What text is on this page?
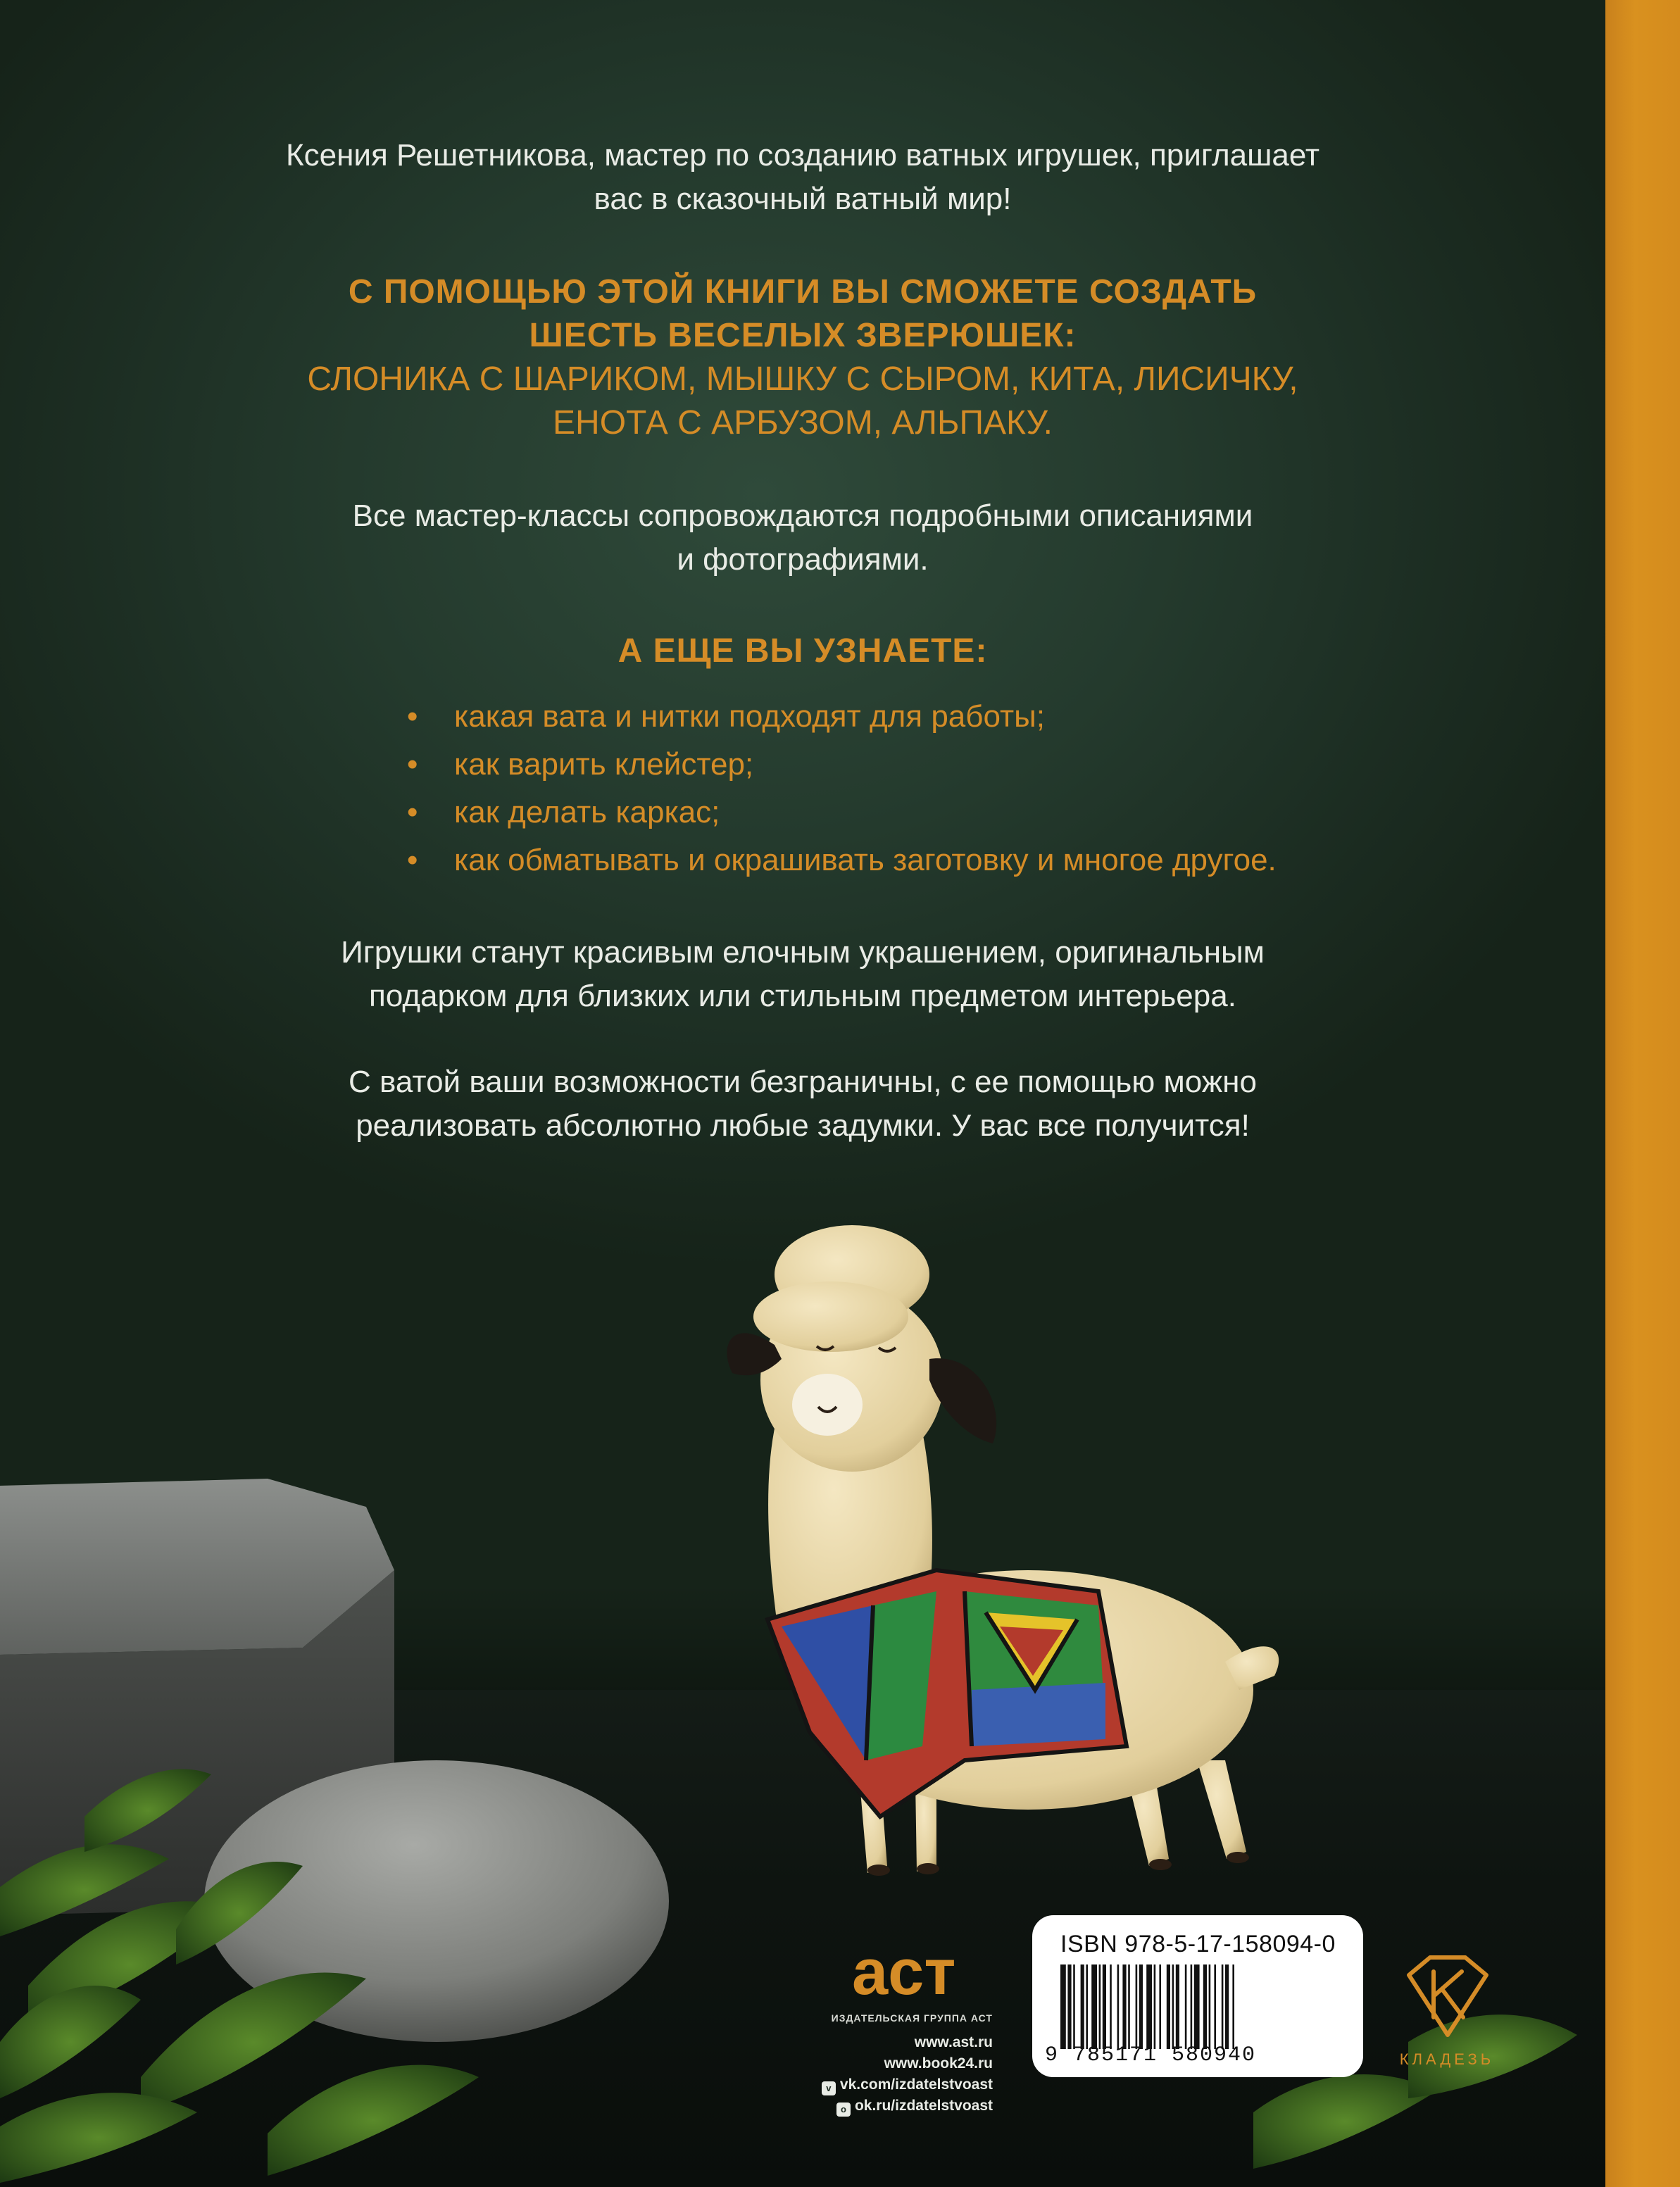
Ксения Решетникова, мастер по созданию ватных игрушек, приглашает
вас в сказочный ватный мир!
С ПОМОЩЬЮ ЭТОЙ КНИГИ ВЫ СМОЖЕТЕ СОЗДАТЬ
ШЕСТЬ ВЕСЕЛЫХ ЗВЕРЮШЕК:
СЛОНИКА С ШАРИКОМ, МЫШКУ С СЫРОМ, КИТА, ЛИСИЧКУ,
ЕНОТА С АРБУЗОМ, АЛЬПАКУ.
Все мастер-классы сопровождаются подробными описаниями
и фотографиями.
А ЕЩЕ ВЫ УЗНАЕТЕ:
• какая вата и нитки подходят для работы;
• как варить клейстер;
• как делать каркас;
• как обматывать и окрашивать заготовку и многое другое.
Игрушки станут красивым елочным украшением, оригинальным
подарком для близких или стильным предметом интерьера.
С ватой ваши возможности безграничны, с ее помощью можно
реализовать абсолютно любые задумки. У вас все получится!
аст
ИЗДАТЕЛЬСКАЯ ГРУППА АСТ
www.ast.ru
www.book24.ru
v vk.com/izdatelstvoast
o ok.ru/izdatelstvoast
ISBN 978-5-17-158094-0
9 785171 580940	КЛАДЕЗЬ
